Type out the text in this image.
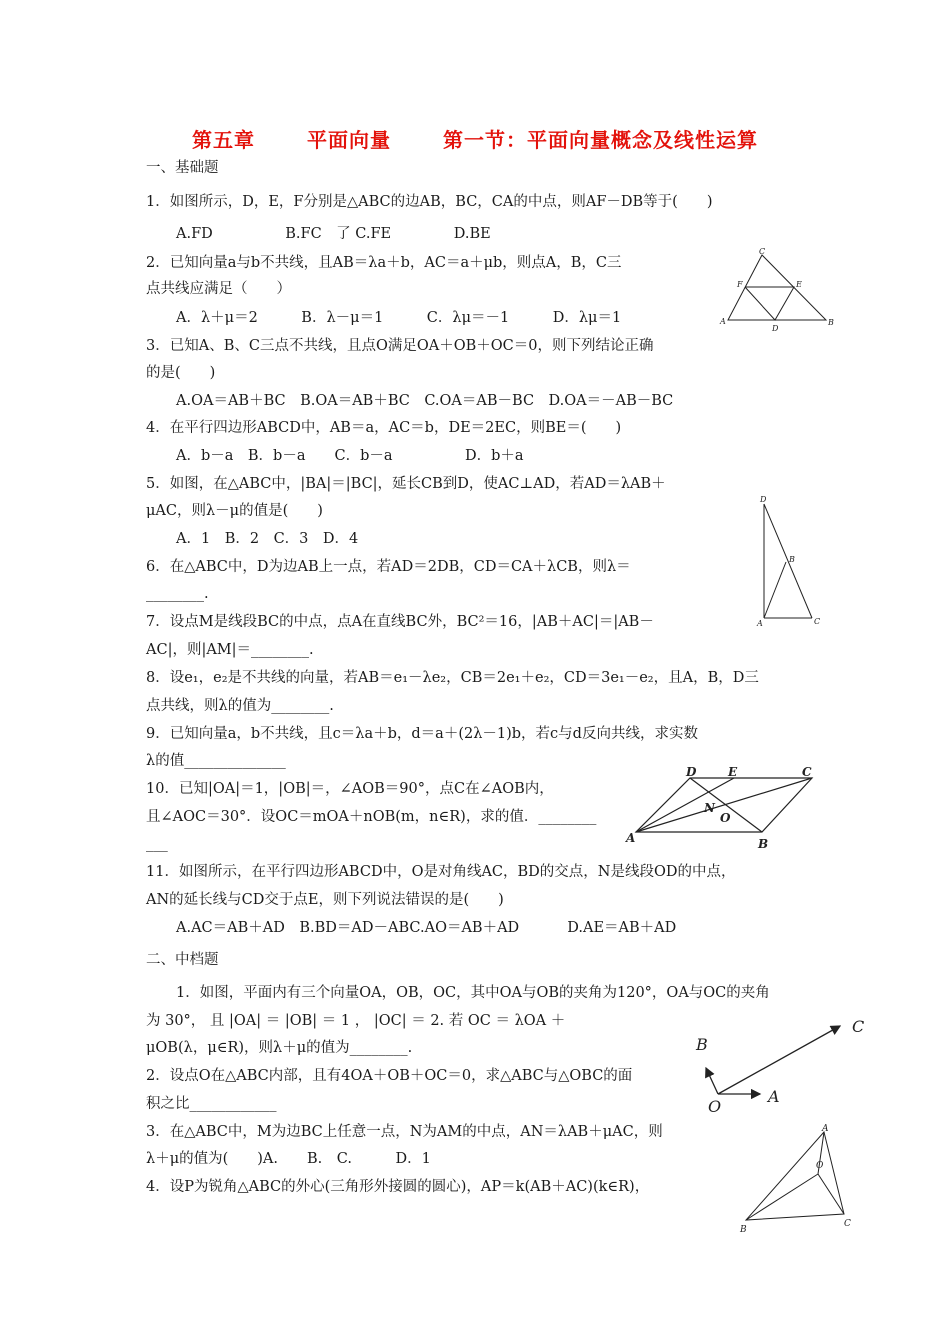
第五章	平面向量	第一节：平面向量概念及线性运算
一、基础题
1．如图所示，D，E，F分别是△ABC的边AB，BC，CA的中点，则AF－DB等于(　　)
A.FD　　　　　B.FC　了 C.FE　　　　 D.BE
2．已知向量a与b不共线，且AB＝λa＋b，AC＝a＋μb，则点A，B，C三
点共线应满足（　　）
A．λ＋μ＝2　　　B．λ－μ＝1　　　C．λμ＝－1　　　D．λμ＝1
3．已知A、B、C三点不共线，且点O满足OA＋OB＋OC＝0，则下列结论正确
的是(　　)
A.OA＝AB＋BC　B.OA＝AB＋BC　C.OA＝AB－BC　D.OA＝－AB－BC
4．在平行四边形ABCD中，AB＝a，AC＝b，DE＝2EC，则BE＝(　　)
A．b－a　B．b－a　　C．b－a　　　　　D．b＋a
5．如图，在△ABC中，|BA|＝|BC|，延长CB到D，使AC⊥AD，若AD＝λAB＋
μAC，则λ－μ的值是(　　)
A．1　B．2　C．3　D．4
6．在△ABC中，D为边AB上一点，若AD＝2DB，CD＝CA＋λCB，则λ＝
________.
7．设点M是线段BC的中点，点A在直线BC外，BC²＝16，|AB＋AC|＝|AB－
AC|，则|AM|＝________.
8．设e₁，e₂是不共线的向量，若AB＝e₁－λe₂，CB＝2e₁＋e₂，CD＝3e₁－e₂，且A，B，D三
点共线，则λ的值为________.
9．已知向量a，b不共线，且c＝λa＋b，d＝a＋(2λ－1)b，若c与d反向共线，求实数
λ的值______________
10．已知|OA|＝1，|OB|＝，∠AOB＝90°，点C在∠AOB内，
且∠AOC＝30°．设OC＝mOA＋nOB(m，n∈R)，求的值．________
___
11．如图所示，在平行四边形ABCD中，O是对角线AC，BD的交点，N是线段OD的中点，
AN的延长线与CD交于点E，则下列说法错误的是(　　)
A.AC＝AB＋AD　B.BD＝AD－ABC.AO＝AB＋AD　　　 D.AE＝AB＋AD
二、中档题
1．如图，平面内有三个向量OA，OB，OC，其中OA与OB的夹角为120°，OA与OC的夹角
为 30°， 且 |OA| ＝ |OB| ＝ 1 ， |OC| ＝ 2. 若 OC ＝ λOA ＋
μOB(λ，μ∈R)，则λ＋μ的值为________.
2．设点O在△ABC内部，且有4OA＋OB＋OC＝0，求△ABC与△OBC的面
积之比____________
3．在△ABC中，M为边BC上任意一点，N为AM的中点，AN＝λAB＋μAC，则
λ＋μ的值为(　　)A.　　B.　C.　　　D．1
4．设P为锐角△ABC的外心(三角形外接圆的圆心)，AP＝k(AB＋AC)(k∈R)，
C
F	E
A
D
B
D
B
A	C
D	E	C
N
O
A	B
C
B
O
A
A
O
B
C
